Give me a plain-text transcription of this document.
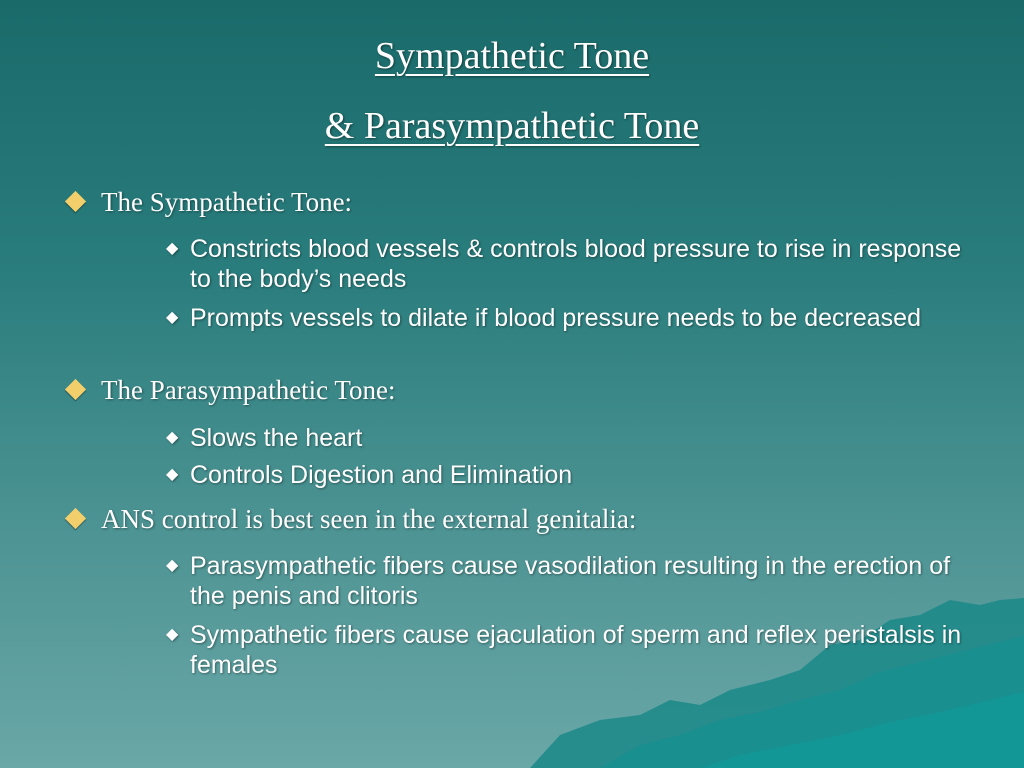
Sympathetic Tone
& Parasympathetic Tone
The Sympathetic Tone:
◆ Constricts blood vessels & controls blood pressure to rise in response to the body’s needs
◆ Prompts vessels to dilate if blood pressure needs to be decreased
The Parasympathetic Tone:
◆ Slows the heart
◆ Controls Digestion and Elimination
ANS control is best seen in the external genitalia:
◆ Parasympathetic fibers cause vasodilation resulting in the erection of the penis and clitoris
◆ Sympathetic fibers cause ejaculation of sperm and reflex peristalsis in females
